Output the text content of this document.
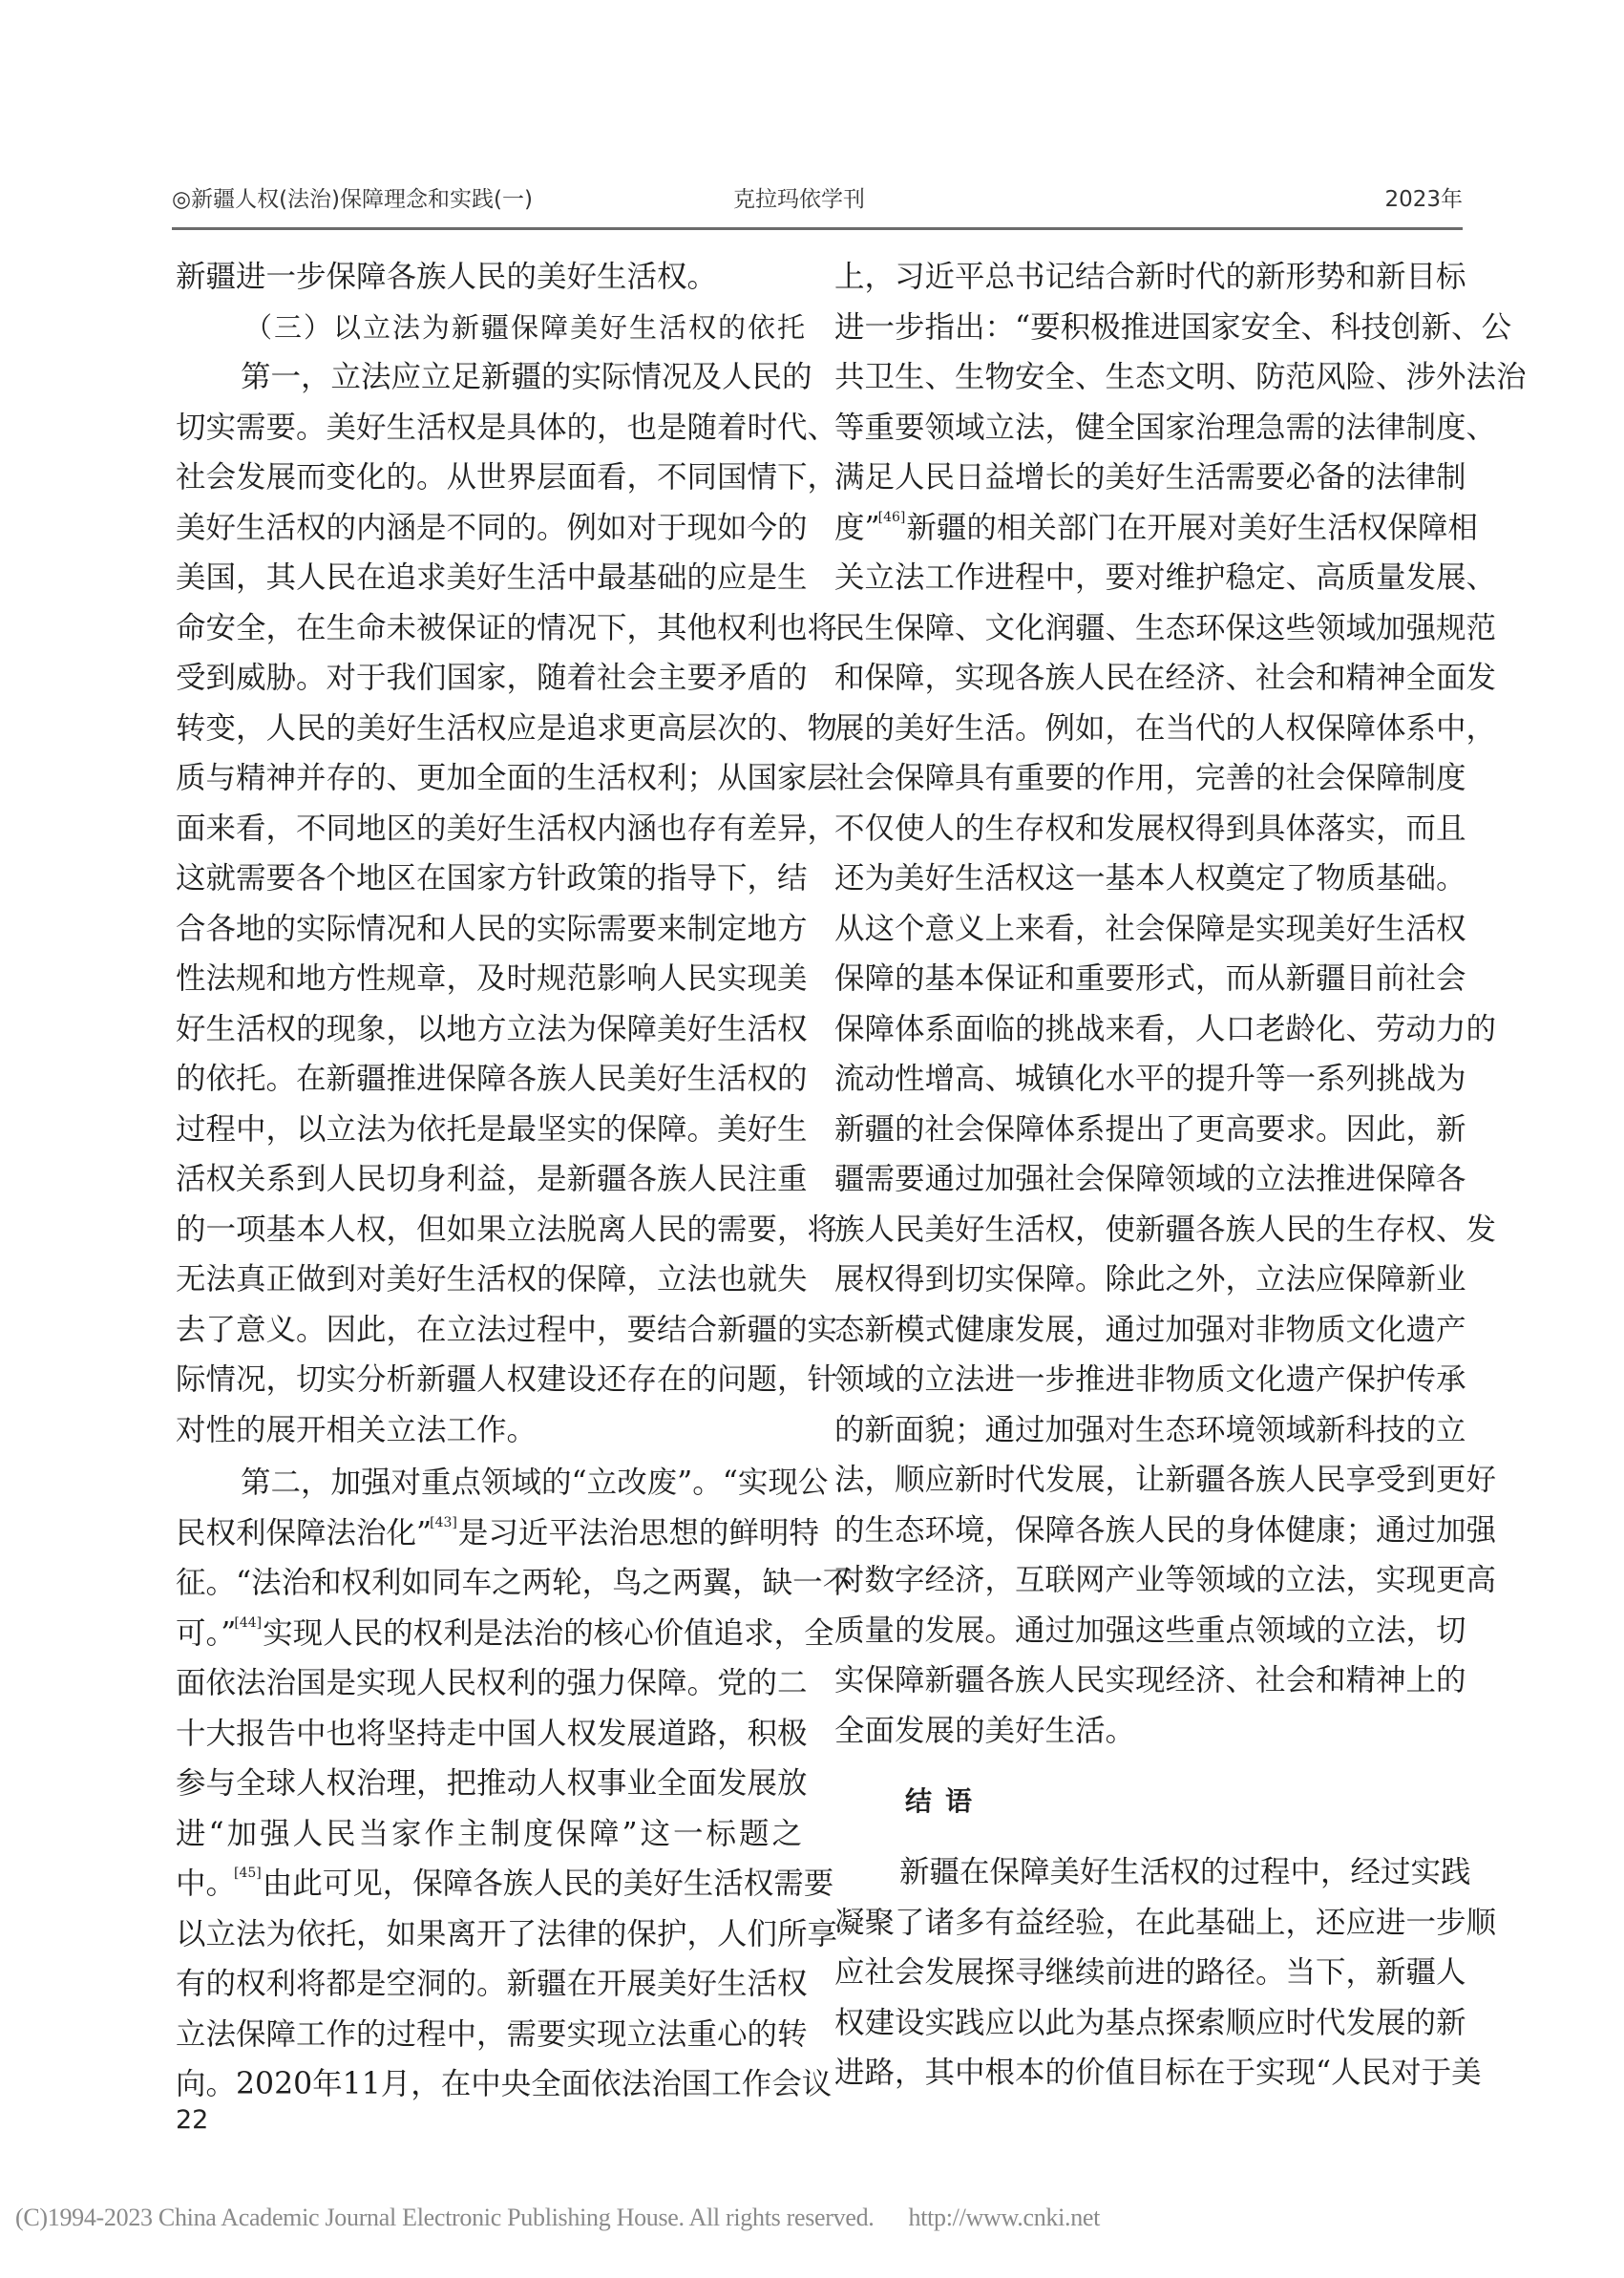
◎新疆人权(法治)保障理念和实践(一)	克拉玛依学刊	2023年
新疆进一步保障各族人民的美好生活权。
（三）以立法为新疆保障美好生活权的依托
第一，立法应立足新疆的实际情况及人民的
切实需要。美好生活权是具体的，也是随着时代、
社会发展而变化的。从世界层面看，不同国情下，
美好生活权的内涵是不同的。例如对于现如今的
美国，其人民在追求美好生活中最基础的应是生
命安全，在生命未被保证的情况下，其他权利也将
受到威胁。对于我们国家，随着社会主要矛盾的
转变，人民的美好生活权应是追求更高层次的、物
质与精神并存的、更加全面的生活权利；从国家层
面来看，不同地区的美好生活权内涵也存有差异，
这就需要各个地区在国家方针政策的指导下，结
合各地的实际情况和人民的实际需要来制定地方
性法规和地方性规章，及时规范影响人民实现美
好生活权的现象，以地方立法为保障美好生活权
的依托。在新疆推进保障各族人民美好生活权的
过程中，以立法为依托是最坚实的保障。美好生
活权关系到人民切身利益，是新疆各族人民注重
的一项基本人权，但如果立法脱离人民的需要，将
无法真正做到对美好生活权的保障，立法也就失
去了意义。因此，在立法过程中，要结合新疆的实
际情况，切实分析新疆人权建设还存在的问题，针
对性的展开相关立法工作。
第二，加强对重点领域的“立改废”。“实现公
民权利保障法治化”[43]是习近平法治思想的鲜明特
征。“法治和权利如同车之两轮，鸟之两翼，缺一不
可。”[44]实现人民的权利是法治的核心价值追求，全
面依法治国是实现人民权利的强力保障。党的二
十大报告中也将坚持走中国人权发展道路，积极
参与全球人权治理，把推动人权事业全面发展放
进“加强人民当家作主制度保障”这一标题之
中。[45]由此可见，保障各族人民的美好生活权需要
以立法为依托，如果离开了法律的保护，人们所享
有的权利将都是空洞的。新疆在开展美好生活权
立法保障工作的过程中，需要实现立法重心的转
向。2020年11月，在中央全面依法治国工作会议
上，习近平总书记结合新时代的新形势和新目标
进一步指出：“要积极推进国家安全、科技创新、公
共卫生、生物安全、生态文明、防范风险、涉外法治
等重要领域立法，健全国家治理急需的法律制度、
满足人民日益增长的美好生活需要必备的法律制
度”[46]新疆的相关部门在开展对美好生活权保障相
关立法工作进程中，要对维护稳定、高质量发展、
民生保障、文化润疆、生态环保这些领域加强规范
和保障，实现各族人民在经济、社会和精神全面发
展的美好生活。例如，在当代的人权保障体系中，
社会保障具有重要的作用，完善的社会保障制度
不仅使人的生存权和发展权得到具体落实，而且
还为美好生活权这一基本人权奠定了物质基础。
从这个意义上来看，社会保障是实现美好生活权
保障的基本保证和重要形式，而从新疆目前社会
保障体系面临的挑战来看，人口老龄化、劳动力的
流动性增高、城镇化水平的提升等一系列挑战为
新疆的社会保障体系提出了更高要求。因此，新
疆需要通过加强社会保障领域的立法推进保障各
族人民美好生活权，使新疆各族人民的生存权、发
展权得到切实保障。除此之外，立法应保障新业
态新模式健康发展，通过加强对非物质文化遗产
领域的立法进一步推进非物质文化遗产保护传承
的新面貌；通过加强对生态环境领域新科技的立
法，顺应新时代发展，让新疆各族人民享受到更好
的生态环境，保障各族人民的身体健康；通过加强
对数字经济，互联网产业等领域的立法，实现更高
质量的发展。通过加强这些重点领域的立法，切
实保障新疆各族人民实现经济、社会和精神上的
全面发展的美好生活。
结语
新疆在保障美好生活权的过程中，经过实践
凝聚了诸多有益经验，在此基础上，还应进一步顺
应社会发展探寻继续前进的路径。当下，新疆人
权建设实践应以此为基点探索顺应时代发展的新
进路，其中根本的价值目标在于实现“人民对于美
22
(C)1994-2023 China Academic Journal Electronic Publishing House. All rights reserved. http://www.cnki.net
